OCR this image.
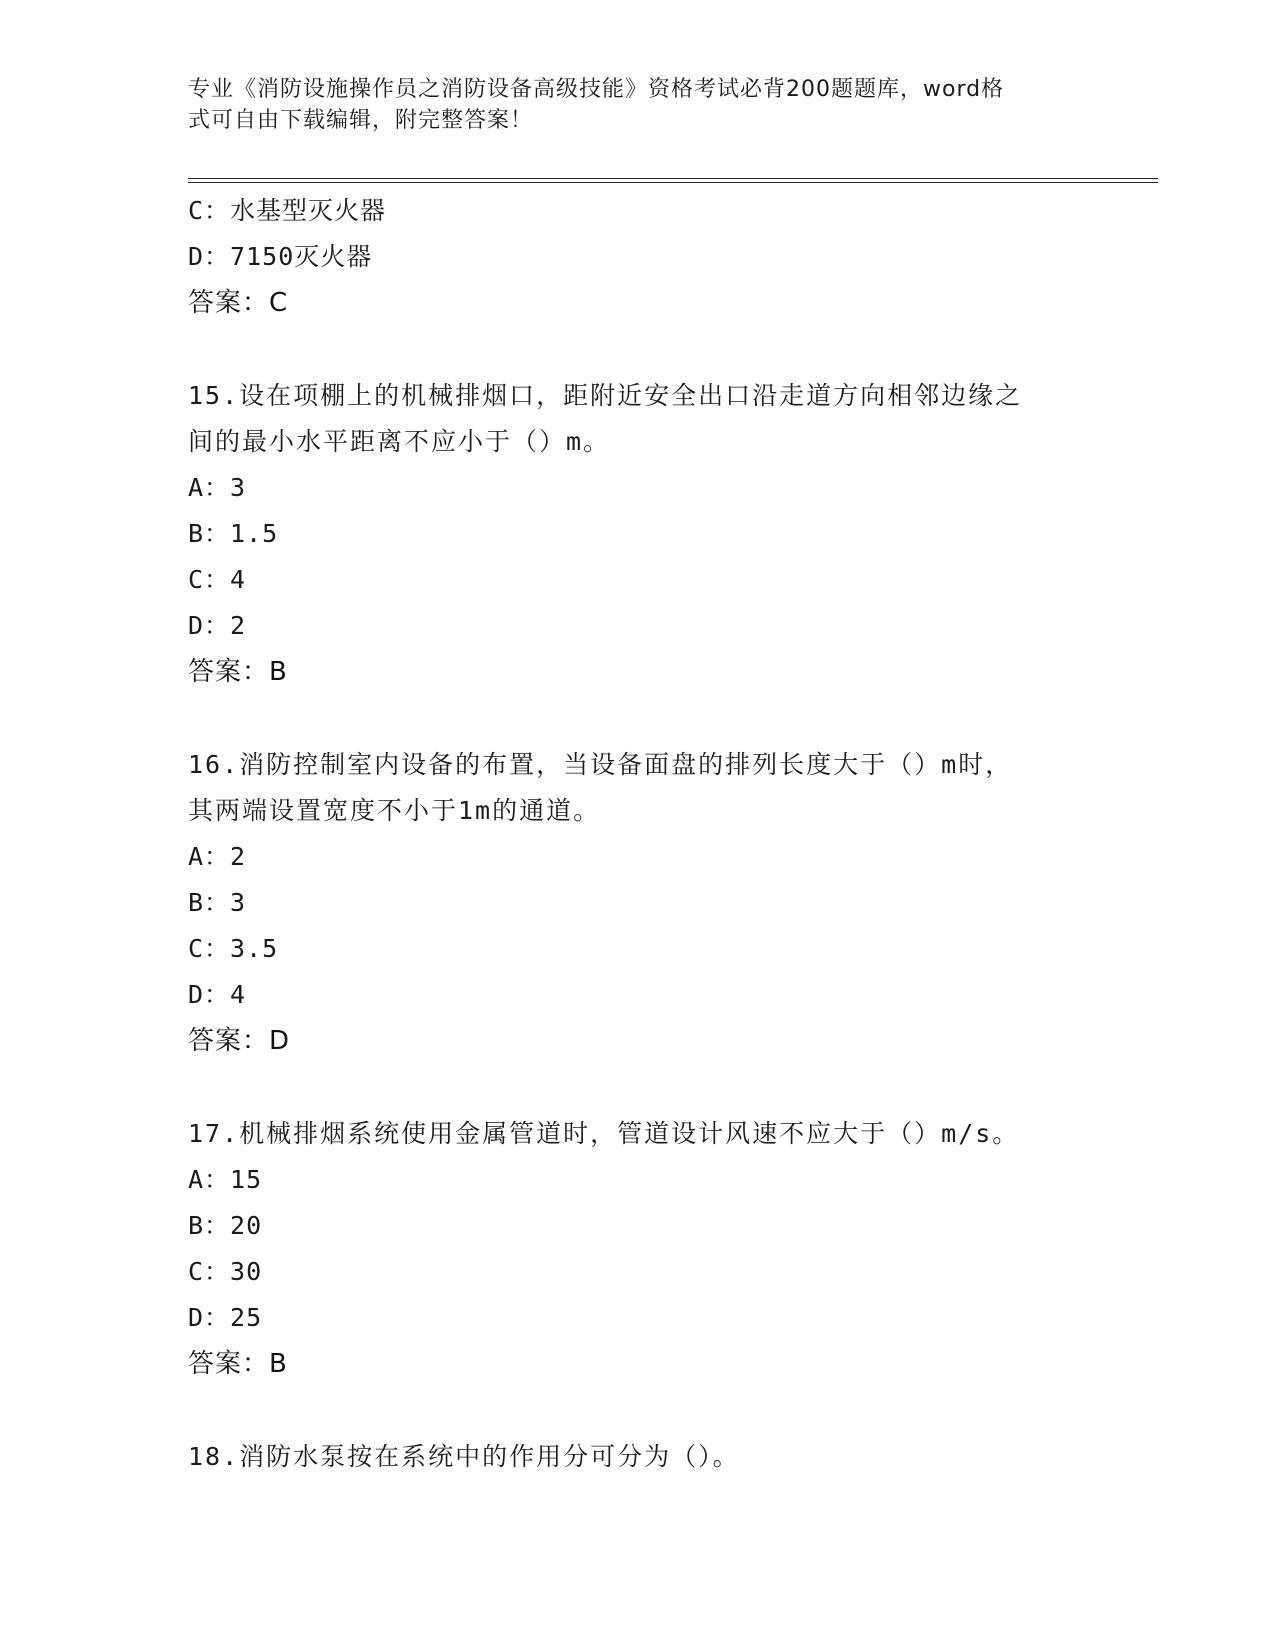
专业《消防设施操作员之消防设备高级技能》资格考试必背200题题库，word格
式可自由下载编辑，附完整答案！
C：水基型灭火器
D：7150灭火器
答案：C
15.设在项棚上的机械排烟口，距附近安全出口沿走道方向相邻边缘之
间的最小水平距离不应小于（）m。
A：3
B：1.5
C：4
D：2
答案：B
16.消防控制室内设备的布置，当设备面盘的排列长度大于（）m时，
其两端设置宽度不小于1m的通道。
A：2
B：3
C：3.5
D：4
答案：D
17.机械排烟系统使用金属管道时，管道设计风速不应大于（）m/s。
A：15
B：20
C：30
D：25
答案：B
18.消防水泵按在系统中的作用分可分为（）。
